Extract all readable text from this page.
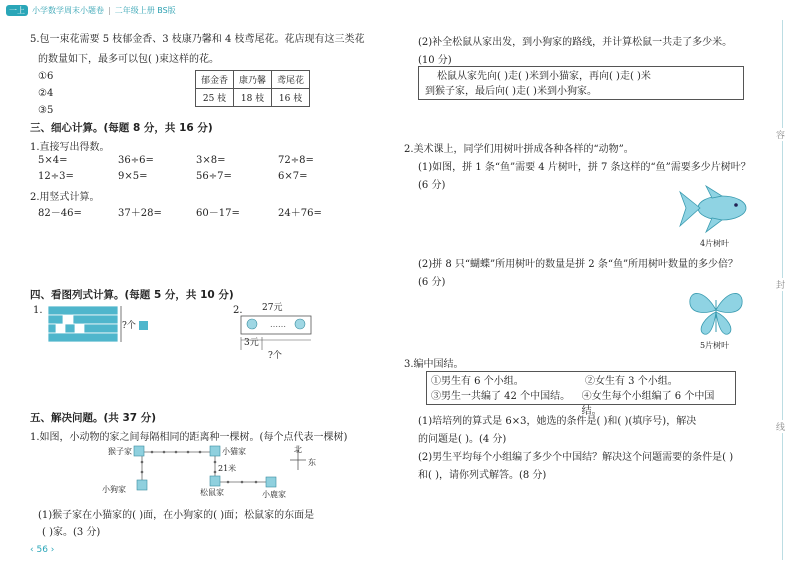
一上 小学数学周末小题卷 | 二年级上册 BS版
5.包一束花需要 5 枝郁金香、3 枝康乃馨和 4 枝鸢尾花。花店现有这三类花
的数量如下，最多可以包( )束这样的花。
①6
②4
③5
郁金香	康乃馨	鸢尾花
25 枝	18 枝	16 枝
三、细心计算。(每题 8 分，共 16 分)
1.直接写出得数。
5×4=	36÷6=	3×8=	72÷8=
12÷3=	9×5=	56÷7=	6×7=
2.用竖式计算。
82－46=	37＋28=	60－17=	24＋76=
四、看图列式计算。(每题 5 分，共 10 分)
1.
?个
2. 27元
……
3元
?个
五、解决问题。(共 37 分)
1.如图，小动物的家之间每隔相同的距离种一棵树。(每个点代表一棵树)
猴子家	小猫家
21米
小狗家	松鼠家	小鹿家
北
东
(1)猴子家在小猫家的( )面，在小狗家的( )面；松鼠家的东面是
( )家。(3 分)
‹ 56 ›
(2)补全松鼠从家出发，到小狗家的路线，并计算松鼠一共走了多少米。
(10 分)
松鼠从家先向( )走( )米到小猫家，再向( )走( )米
到猴子家，最后向( )走( )米到小狗家。
2.美术课上，同学们用树叶拼成各种各样的“动物”。
(1)如图，拼 1 条“鱼”需要 4 片树叶，拼 7 条这样的“鱼”需要多少片树叶？
(6 分)
4片树叶
(2)拼 8 只“蝴蝶”所用树叶的数量是拼 2 条“鱼”所用树叶数量的多少倍？
(6 分)
5片树叶
3.编中国结。
①男生有 6 个小组。	②女生有 3 个小组。
③男生一共编了 42 个中国结。	④女生每个小组编了 6 个中国结。
(1)培培列的算式是 6×3，她选的条件是( )和( )(填序号)，解决
的问题是( )。(4 分)
(2)男生平均每个小组编了多少个中国结？解决这个问题需要的条件是( )
和( )，请你列式解答。(8 分)
容
封
线
